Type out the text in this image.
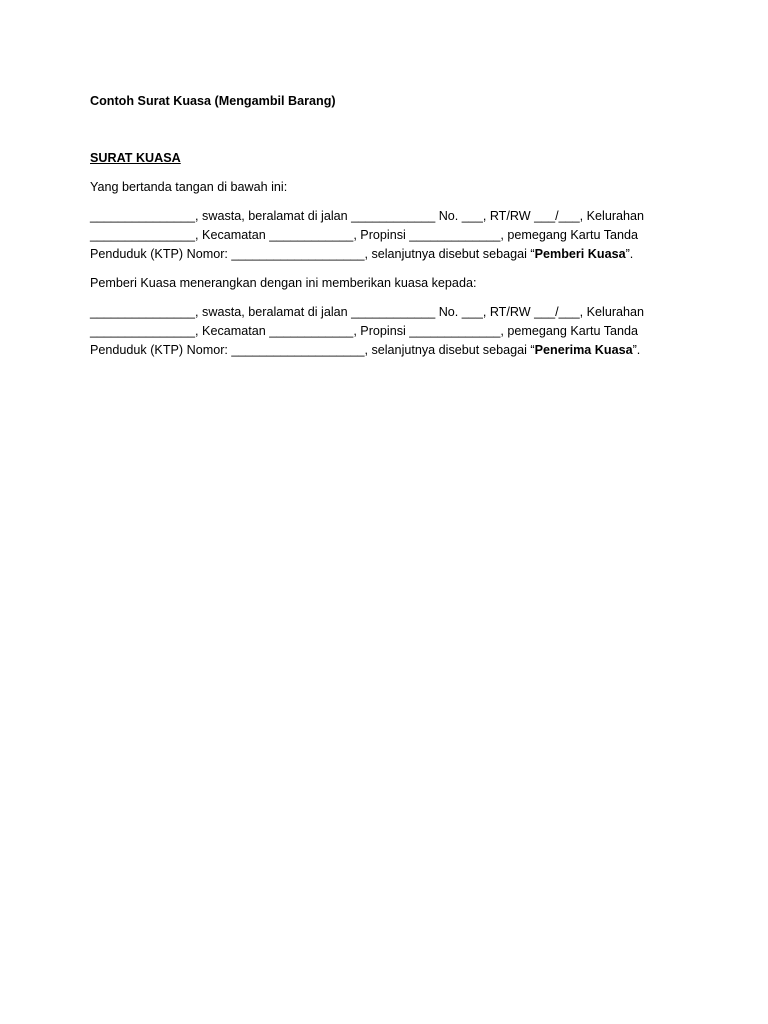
Contoh Surat Kuasa (Mengambil Barang)

SURAT KUASA

Yang bertanda tangan di bawah ini:

_______________, swasta, beralamat di jalan ____________ No. ___, RT/RW ___/___, Kelurahan
_______________, Kecamatan ____________, Propinsi _____________, pemegang Kartu Tanda
Penduduk (KTP) Nomor: ___________________, selanjutnya disebut sebagai “Pemberi Kuasa”.

Pemberi Kuasa menerangkan dengan ini memberikan kuasa kepada:

_______________, swasta, beralamat di jalan ____________ No. ___, RT/RW ___/___, Kelurahan
_______________, Kecamatan ____________, Propinsi _____________, pemegang Kartu Tanda
Penduduk (KTP) Nomor: ___________________, selanjutnya disebut sebagai “Penerima Kuasa”.
